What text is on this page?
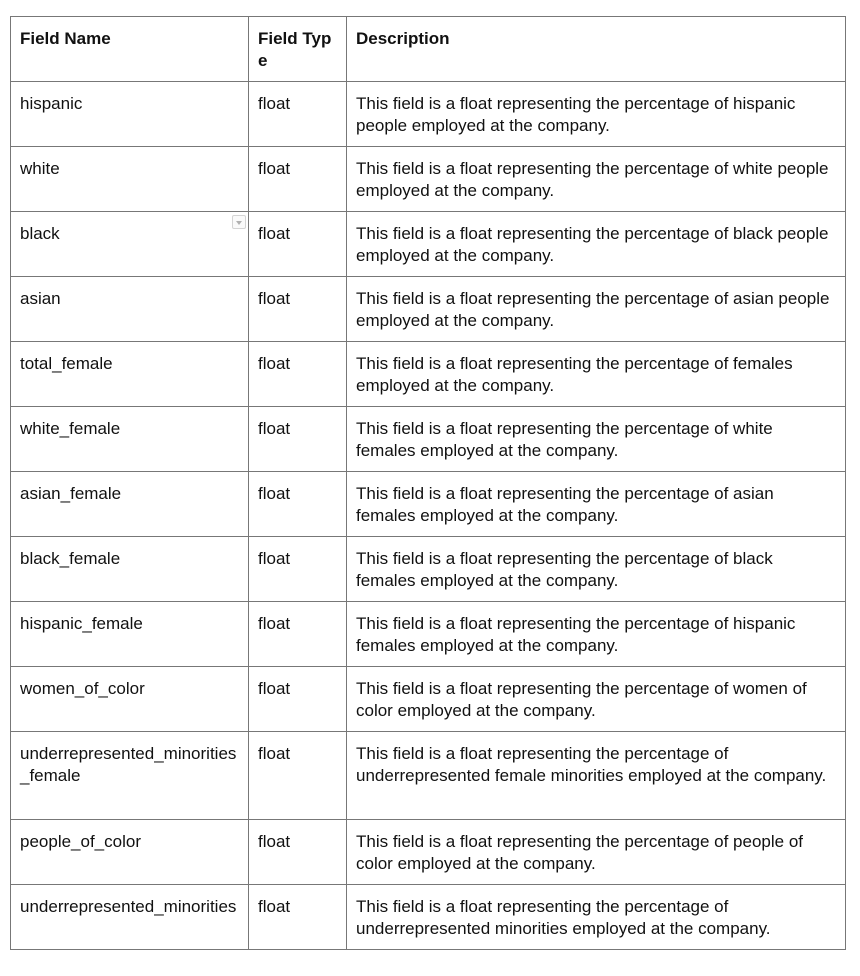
Field Name	Field Type	Description
hispanic	float	This field is a float representing the percentage of hispanic people employed at the company.
white	float	This field is a float representing the percentage of white people employed at the company.
black	float	This field is a float representing the percentage of black people employed at the company.
asian	float	This field is a float representing the percentage of asian people employed at the company.
total_female	float	This field is a float representing the percentage of females employed at the company.
white_female	float	This field is a float representing the percentage of white females employed at the company.
asian_female	float	This field is a float representing the percentage of asian females employed at the company.
black_female	float	This field is a float representing the percentage of black females employed at the company.
hispanic_female	float	This field is a float representing the percentage of hispanic females employed at the company.
women_of_color	float	This field is a float representing the percentage of women of color employed at the company.
underrepresented_minorities_female	float	This field is a float representing the percentage of underrepresented female minorities employed at the company.
people_of_color	float	This field is a float representing the percentage of people of color employed at the company.
underrepresented_minorities	float	This field is a float representing the percentage of underrepresented minorities employed at the company.
